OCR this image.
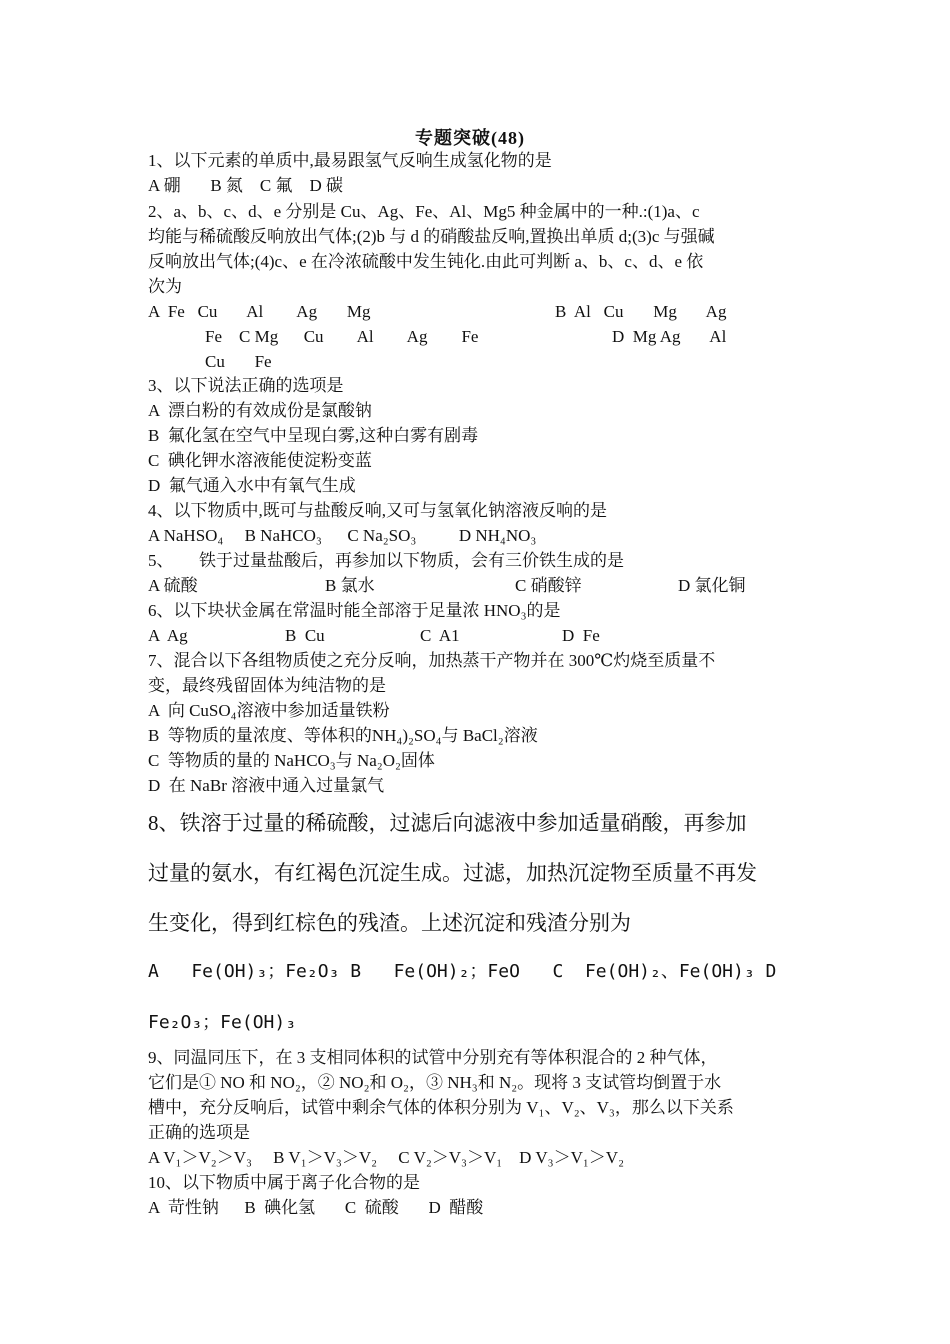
专题突破(48)
1、以下元素的单质中,最易跟氢气反响生成氢化物的是
A 硼       B 氮    C 氟    D 碳
2、a、b、c、d、e 分别是 Cu、Ag、Fe、Al、Mg5 种金属中的一种.:(1)a、c
均能与稀硫酸反响放出气体;(2)b 与 d 的硝酸盐反响,置换出单质 d;(3)c 与强碱
反响放出气体;(4)c、e 在冷浓硫酸中发生钝化.由此可判断 a、b、c、d、e 依
次为
A  Fe   Cu       Al        Ag       Mg	B  Al   Cu       Mg       Ag
Fe    C Mg      Cu        Al        Ag        Fe	D  Mg Ag       Al
Cu       Fe
3、以下说法正确的选项是
A  漂白粉的有效成份是氯酸钠
B  氟化氢在空气中呈现白雾,这种白雾有剧毒
C  碘化钾水溶液能使淀粉变蓝
D  氟气通入水中有氧气生成
4、以下物质中,既可与盐酸反响,又可与氢氧化钠溶液反响的是
A NaHSO₄     B NaHCO₃      C Na₂SO₃          D NH₄NO₃
5、      铁于过量盐酸后，再参加以下物质，会有三价铁生成的是
A 硫酸	B 氯水	C 硝酸锌	D 氯化铜
6、以下块状金属在常温时能全部溶于足量浓 HNO₃的是
A  Ag	B  Cu	C  A1	D  Fe
7、混合以下各组物质使之充分反响，加热蒸干产物并在 300℃灼烧至质量不
变，最终残留固体为纯洁物的是
A  向 CuSO₄溶液中参加适量铁粉
B  等物质的量浓度、等体积的NH₄)₂SO₄与 BaCl₂溶液
C  等物质的量的 NaHCO₃与 Na₂O₂固体
D  在 NaBr 溶液中通入过量氯气
8、铁溶于过量的稀硫酸，过滤后向滤液中参加适量硝酸，再参加
过量的氨水，有红褐色沉淀生成。过滤，加热沉淀物至质量不再发
生变化，得到红棕色的残渣。上述沉淀和残渣分别为
A   Fe(OH)₃；Fe₂O₃ B   Fe(OH)₂；FeO   C  Fe(OH)₂、Fe(OH)₃ D
Fe₂O₃；Fe(OH)₃
9、同温同压下，在 3 支相同体积的试管中分别充有等体积混合的 2 种气体，
它们是① NO 和 NO₂，② NO₂和 O₂，③ NH₃和 N₂。现将 3 支试管均倒置于水
槽中，充分反响后，试管中剩余气体的体积分别为 V₁、V₂、V₃，那么以下关系
正确的选项是
A V₁＞V₂＞V₃     B V₁＞V₃＞V₂     C V₂＞V₃＞V₁    D V₃＞V₁＞V₂
10、以下物质中属于离子化合物的是
A  苛性钠      B  碘化氢       C  硫酸       D  醋酸
